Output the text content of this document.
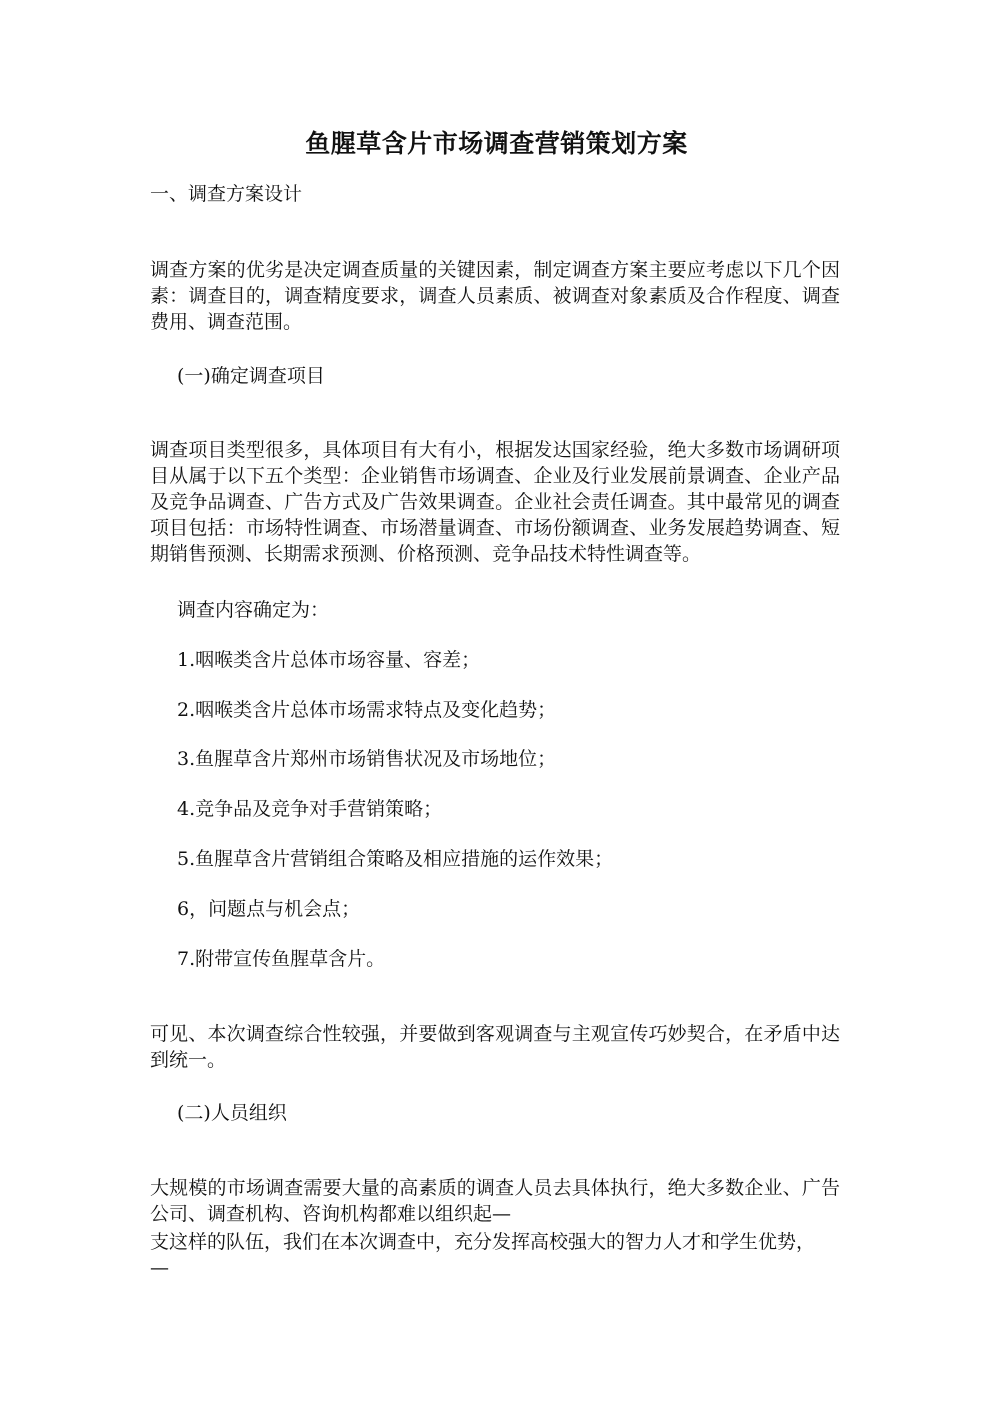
鱼腥草含片市场调查营销策划方案

一、调查方案设计

调查方案的优劣是决定调查质量的关键因素，制定调查方案主要应考虑以下几个因素：调查目的，调查精度要求，调查人员素质、被调查对象素质及合作程度、调查费用、调查范围。

(一)确定调查项目

调查项目类型很多，具体项目有大有小，根据发达国家经验，绝大多数市场调研项目从属于以下五个类型：企业销售市场调查、企业及行业发展前景调查、企业产品及竞争品调查、广告方式及广告效果调查。企业社会责任调查。其中最常见的调查项目包括：市场特性调查、市场潜量调查、市场份额调查、业务发展趋势调查、短期销售预测、长期需求预测、价格预测、竞争品技术特性调查等。

调查内容确定为：

1.咽喉类含片总体市场容量、容差；

2.咽喉类含片总体市场需求特点及变化趋势；

3.鱼腥草含片郑州市场销售状况及市场地位；

4.竞争品及竞争对手营销策略；

5.鱼腥草含片营销组合策略及相应措施的运作效果；

6，问题点与机会点；

7.附带宣传鱼腥草含片。

可见、本次调查综合性较强，并要做到客观调查与主观宣传巧妙契合，在矛盾中达到统一。

(二)人员组织

大规模的市场调查需要大量的高素质的调查人员去具体执行，绝大多数企业、广告公司、调查机构、咨询机构都难以组织起—

支这样的队伍，我们在本次调查中，充分发挥高校强大的智力人才和学生优势，

—
